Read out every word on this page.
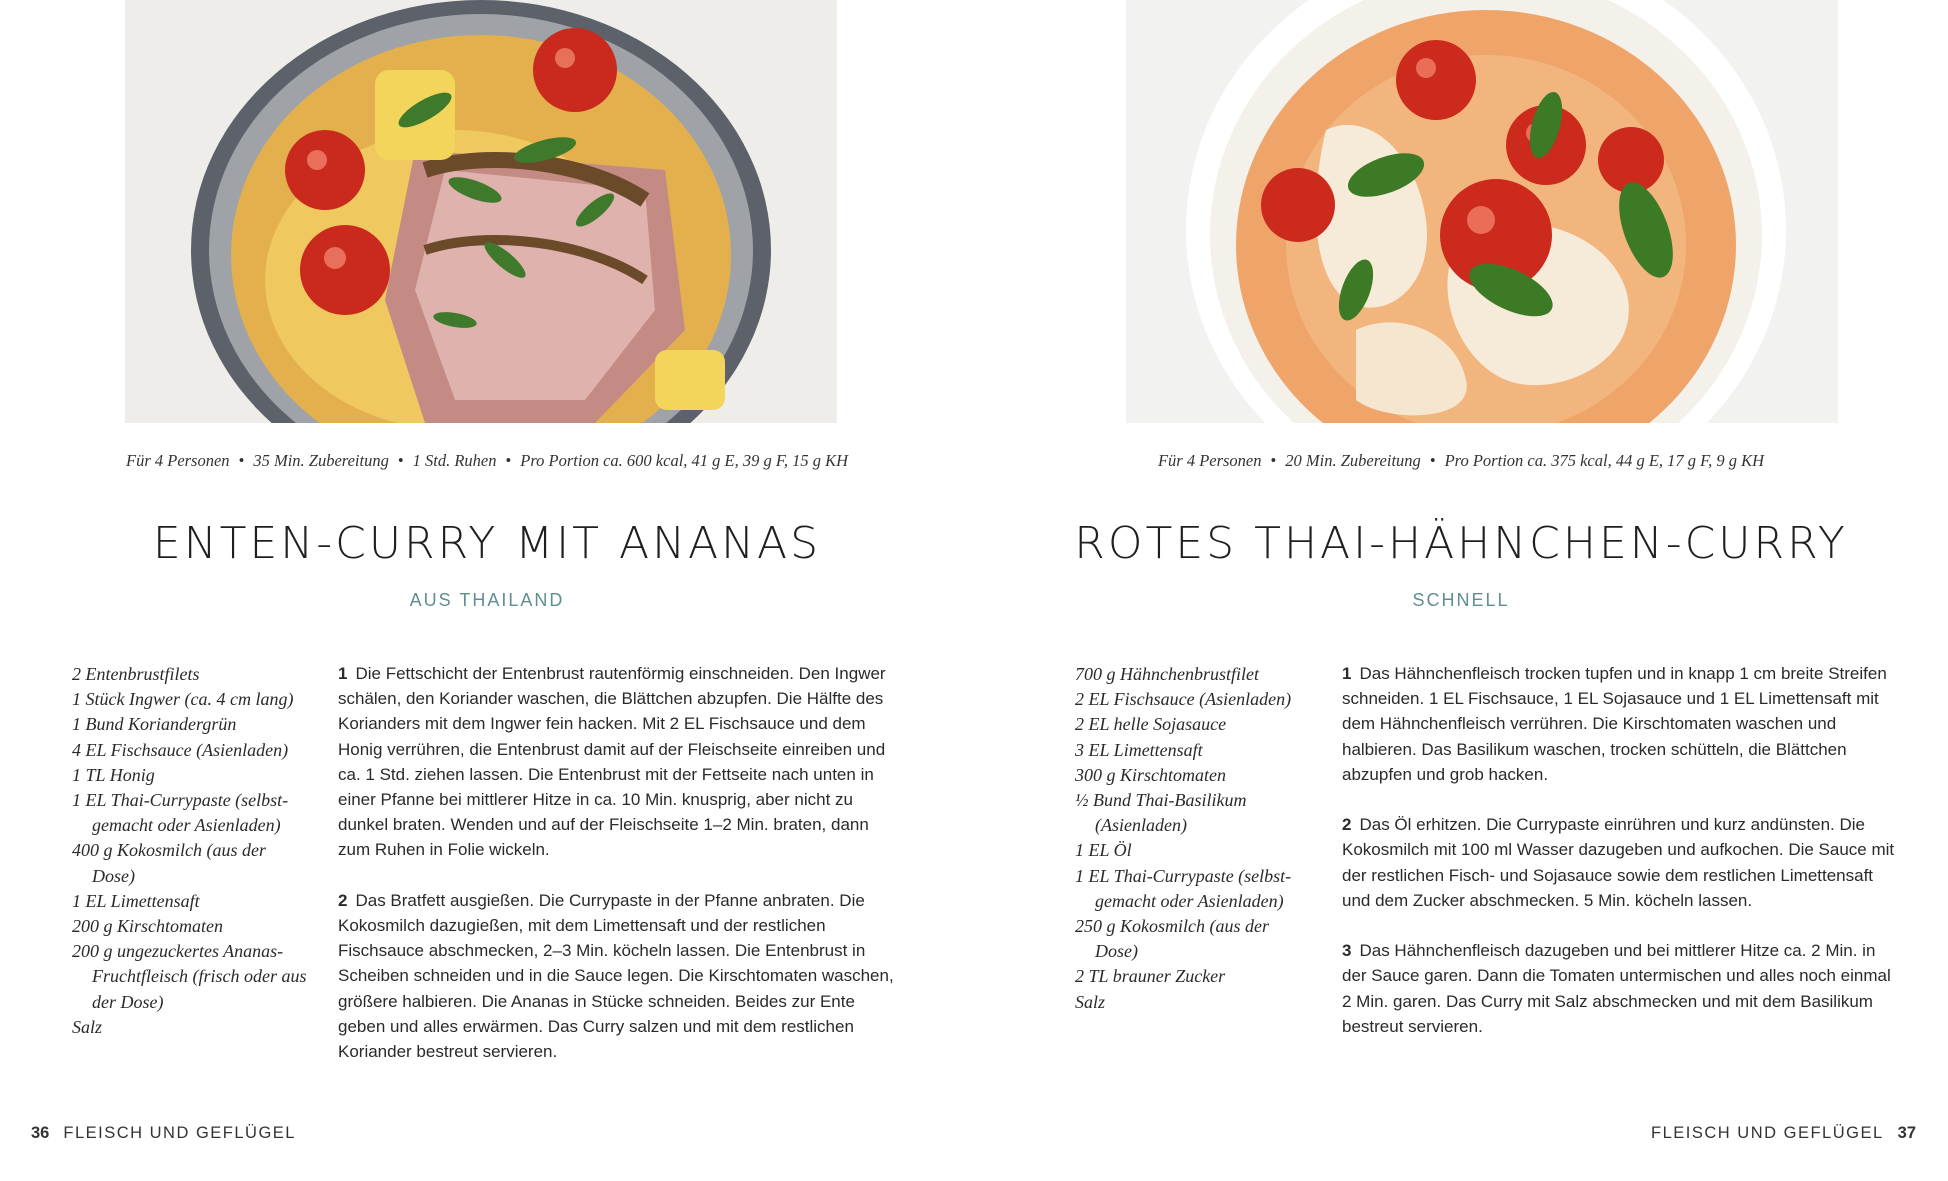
Für 4 Personen • 35 Min. Zubereitung • 1 Std. Ruhen • Pro Portion ca. 600 kcal, 41 g E, 39 g F, 15 g KH
ENTEN-CURRY MIT ANANAS
AUS THAILAND
2 Entenbrustfilets
1 Stück Ingwer (ca. 4 cm lang)
1 Bund Koriandergrün
4 EL Fischsauce (Asienladen)
1 TL Honig
1 EL Thai-Currypaste (selbst-gemacht oder Asienladen)
400 g Kokosmilch (aus der Dose)
1 EL Limettensaft
200 g Kirschtomaten
200 g ungezuckertes Ananas-Fruchtfleisch (frisch oder aus der Dose)
Salz

1 Die Fettschicht der Entenbrust rautenförmig einschneiden. Den Ingwer schälen, den Koriander waschen, die Blättchen abzupfen. Die Hälfte des Korianders mit dem Ingwer fein hacken. Mit 2 EL Fischsauce und dem Honig verrühren, die Entenbrust damit auf der Fleischseite einreiben und ca. 1 Std. ziehen lassen. Die Entenbrust mit der Fettseite nach unten in einer Pfanne bei mittlerer Hitze in ca. 10 Min. knusprig, aber nicht zu dunkel braten. Wenden und auf der Fleischseite 1–2 Min. braten, dann zum Ruhen in Folie wickeln.

2 Das Bratfett ausgießen. Die Currypaste in der Pfanne anbraten. Die Kokosmilch dazugießen, mit dem Limettensaft und der restlichen Fischsauce abschmecken, 2–3 Min. köcheln lassen. Die Entenbrust in Scheiben schneiden und in die Sauce legen. Die Kirschtomaten waschen, größere halbieren. Die Ananas in Stücke schneiden. Beides zur Ente geben und alles erwärmen. Das Curry salzen und mit dem restlichen Koriander bestreut servieren.

36 FLEISCH UND GEFLÜGEL
Für 4 Personen • 20 Min. Zubereitung • Pro Portion ca. 375 kcal, 44 g E, 17 g F, 9 g KH
ROTES THAI-HÄHNCHEN-CURRY
SCHNELL
700 g Hähnchenbrustfilet
2 EL Fischsauce (Asienladen)
2 EL helle Sojasauce
3 EL Limettensaft
300 g Kirschtomaten
½ Bund Thai-Basilikum (Asienladen)
1 EL Öl
1 EL Thai-Currypaste (selbst-gemacht oder Asienladen)
250 g Kokosmilch (aus der Dose)
2 TL brauner Zucker
Salz

1 Das Hähnchenfleisch trocken tupfen und in knapp 1 cm breite Streifen schneiden. 1 EL Fischsauce, 1 EL Sojasauce und 1 EL Limettensaft mit dem Hähnchenfleisch verrühren. Die Kirschtomaten waschen und halbieren. Das Basilikum waschen, trocken schütteln, die Blättchen abzupfen und grob hacken.

2 Das Öl erhitzen. Die Currypaste einrühren und kurz andünsten. Die Kokosmilch mit 100 ml Wasser dazugeben und aufkochen. Die Sauce mit der restlichen Fisch- und Sojasauce sowie dem restlichen Limettensaft und dem Zucker abschmecken. 5 Min. köcheln lassen.

3 Das Hähnchenfleisch dazugeben und bei mittlerer Hitze ca. 2 Min. in der Sauce garen. Dann die Tomaten untermischen und alles noch einmal 2 Min. garen. Das Curry mit Salz abschmecken und mit dem Basilikum bestreut servieren.

FLEISCH UND GEFLÜGEL 37
